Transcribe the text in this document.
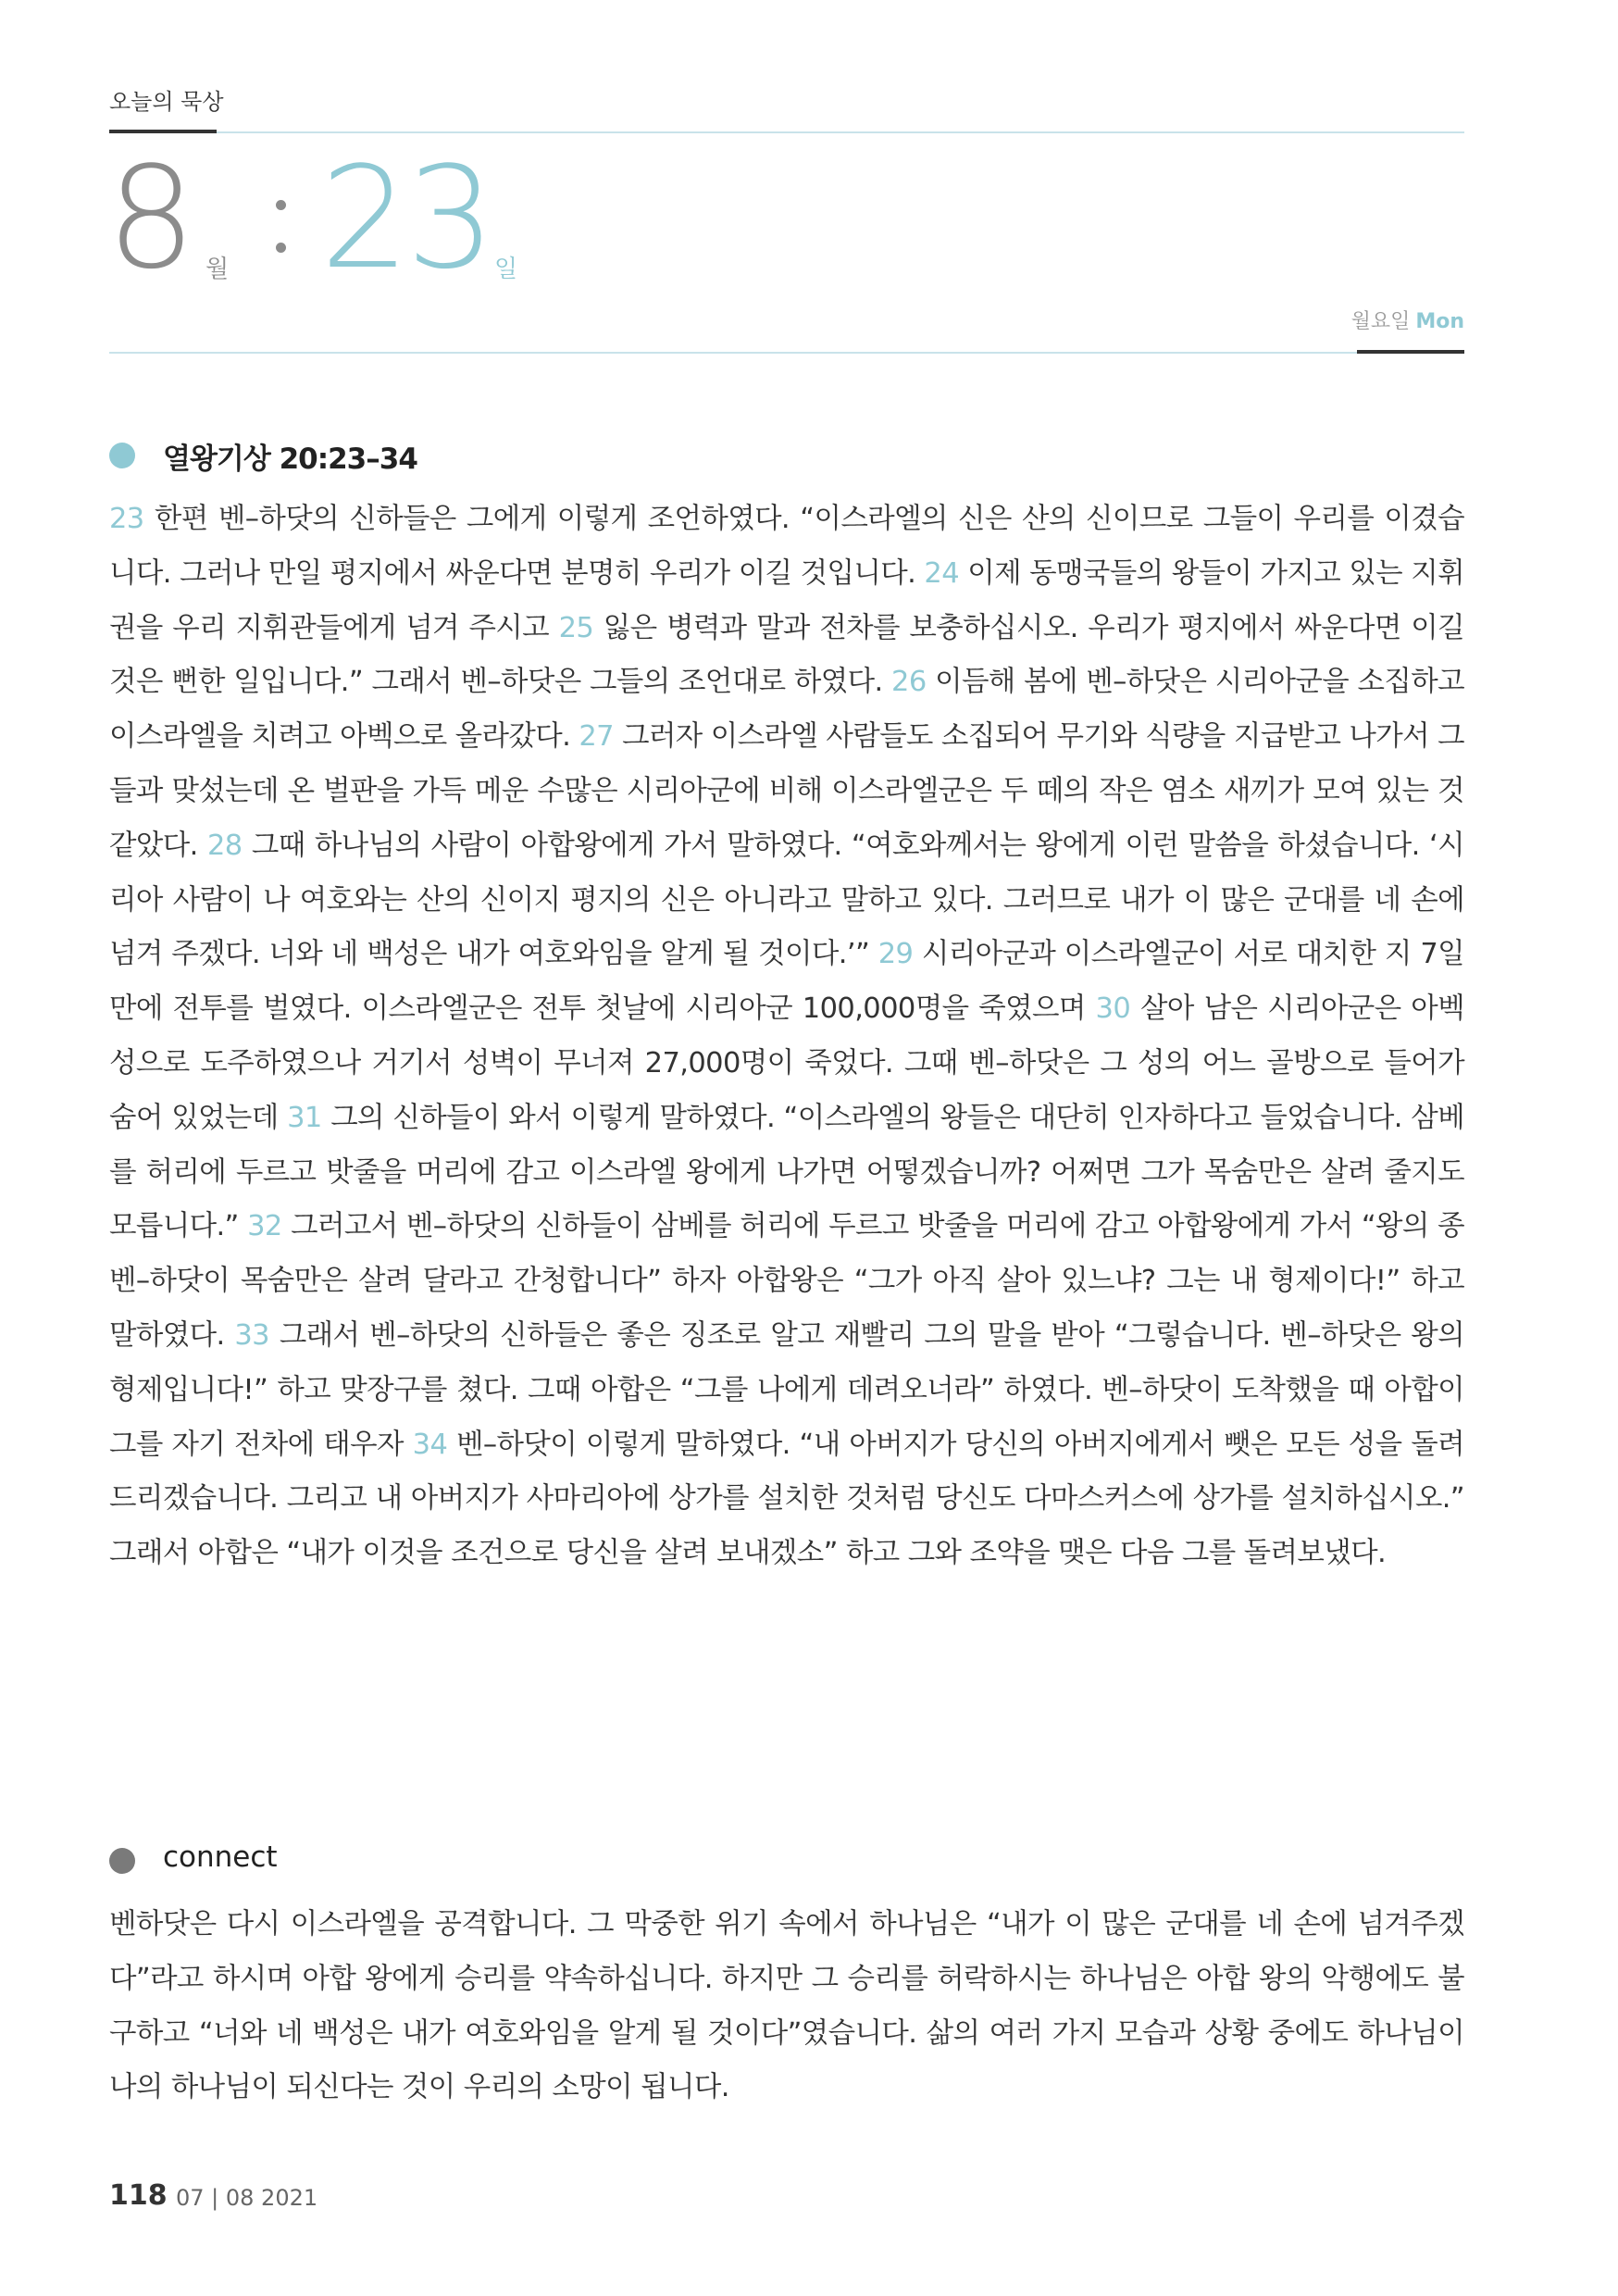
오늘의 묵상
8 월 23 일
월요일 Mon
열왕기상 20:23–34

23 한편 벤–하닷의 신하들은 그에게 이렇게 조언하였다. “이스라엘의 신은 산의 신이므로 그들이 우리를 이겼습니다. 그러나 만일 평지에서 싸운다면 분명히 우리가 이길 것입니다. 24 이제 동맹국들의 왕들이 가지고 있는 지휘권을 우리 지휘관들에게 넘겨 주시고 25 잃은 병력과 말과 전차를 보충하십시오. 우리가 평지에서 싸운다면 이길 것은 뻔한 일입니다.” 그래서 벤–하닷은 그들의 조언대로 하였다. 26 이듬해 봄에 벤–하닷은 시리아군을 소집하고 이스라엘을 치려고 아벡으로 올라갔다. 27 그러자 이스라엘 사람들도 소집되어 무기와 식량을 지급받고 나가서 그들과 맞섰는데 온 벌판을 가득 메운 수많은 시리아군에 비해 이스라엘군은 두 떼의 작은 염소 새끼가 모여 있는 것 같았다. 28 그때 하나님의 사람이 아합왕에게 가서 말하였다. “여호와께서는 왕에게 이런 말씀을 하셨습니다. ‘시리아 사람이 나 여호와는 산의 신이지 평지의 신은 아니라고 말하고 있다. 그러므로 내가 이 많은 군대를 네 손에 넘겨 주겠다. 너와 네 백성은 내가 여호와임을 알게 될 것이다.’” 29 시리아군과 이스라엘군이 서로 대치한 지 7일 만에 전투를 벌였다. 이스라엘군은 전투 첫날에 시리아군 100,000명을 죽였으며 30 살아 남은 시리아군은 아벡성으로 도주하였으나 거기서 성벽이 무너져 27,000명이 죽었다. 그때 벤–하닷은 그 성의 어느 골방으로 들어가 숨어 있었는데 31 그의 신하들이 와서 이렇게 말하였다. “이스라엘의 왕들은 대단히 인자하다고 들었습니다. 삼베를 허리에 두르고 밧줄을 머리에 감고 이스라엘 왕에게 나가면 어떻겠습니까? 어쩌면 그가 목숨만은 살려 줄지도 모릅니다.” 32 그러고서 벤–하닷의 신하들이 삼베를 허리에 두르고 밧줄을 머리에 감고 아합왕에게 가서 “왕의 종 벤–하닷이 목숨만은 살려 달라고 간청합니다” 하자 아합왕은 “그가 아직 살아 있느냐? 그는 내 형제이다!” 하고 말하였다. 33 그래서 벤–하닷의 신하들은 좋은 징조로 알고 재빨리 그의 말을 받아 “그렇습니다. 벤–하닷은 왕의 형제입니다!” 하고 맞장구를 쳤다. 그때 아합은 “그를 나에게 데려오너라” 하였다. 벤–하닷이 도착했을 때 아합이 그를 자기 전차에 태우자 34 벤–하닷이 이렇게 말하였다. “내 아버지가 당신의 아버지에게서 뺏은 모든 성을 돌려 드리겠습니다. 그리고 내 아버지가 사마리아에 상가를 설치한 것처럼 당신도 다마스커스에 상가를 설치하십시오.” 그래서 아합은 “내가 이것을 조건으로 당신을 살려 보내겠소” 하고 그와 조약을 맺은 다음 그를 돌려보냈다.

connect

벤하닷은 다시 이스라엘을 공격합니다. 그 막중한 위기 속에서 하나님은 “내가 이 많은 군대를 네 손에 넘겨주겠다”라고 하시며 아합 왕에게 승리를 약속하십니다. 하지만 그 승리를 허락하시는 하나님은 아합 왕의 악행에도 불구하고 “너와 네 백성은 내가 여호와임을 알게 될 것이다”였습니다. 삶의 여러 가지 모습과 상황 중에도 하나님이 나의 하나님이 되신다는 것이 우리의 소망이 됩니다.

118 07 | 08 2021
